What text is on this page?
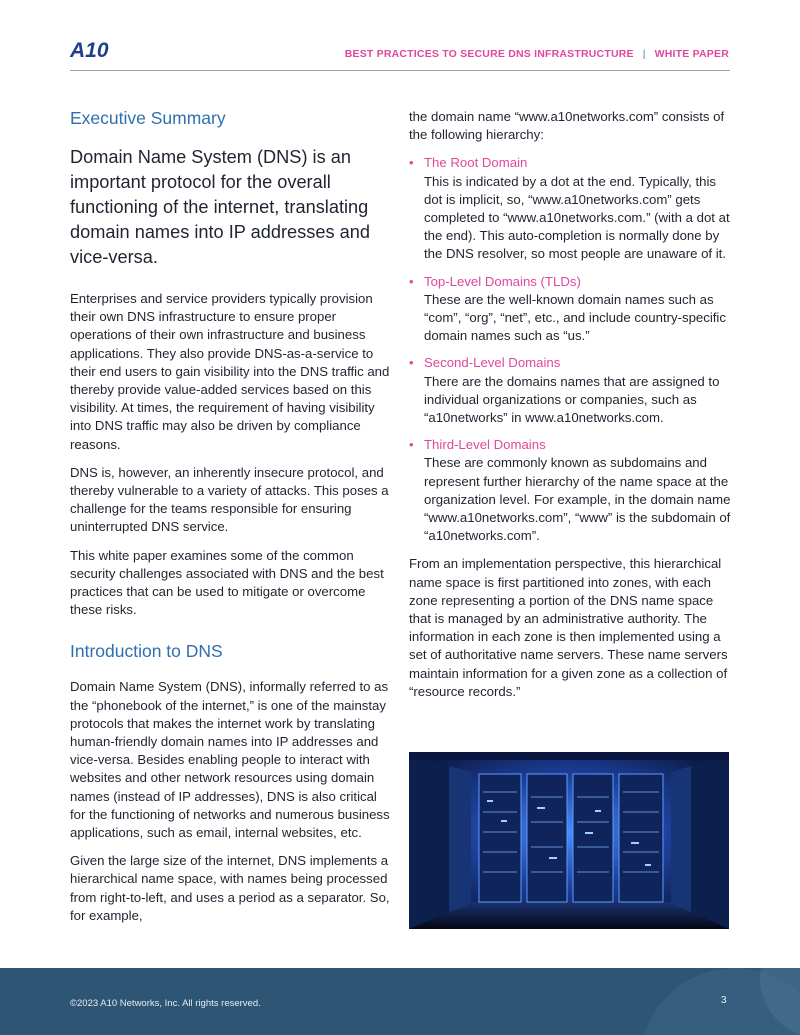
A10	BEST PRACTICES TO SECURE DNS INFRASTRUCTURE | WHITE PAPER
Executive Summary

Domain Name System (DNS) is an important protocol for the overall functioning of the internet, translating domain names into IP addresses and vice-versa.

Enterprises and service providers typically provision their own DNS infrastructure to ensure proper operations of their own infrastructure and business applications. They also provide DNS-as-a-service to their end users to gain visibility into the DNS traffic and thereby provide value-added services based on this visibility. At times, the requirement of having visibility into DNS traffic may also be driven by compliance reasons.

DNS is, however, an inherently insecure protocol, and thereby vulnerable to a variety of attacks. This poses a challenge for the teams responsible for ensuring uninterrupted DNS service.

This white paper examines some of the common security challenges associated with DNS and the best practices that can be used to mitigate or overcome these risks.

Introduction to DNS

Domain Name System (DNS), informally referred to as the “phonebook of the internet,” is one of the mainstay protocols that makes the internet work by translating human-friendly domain names into IP addresses and vice-versa. Besides enabling people to interact with websites and other network resources using domain names (instead of IP addresses), DNS is also critical for the functioning of networks and numerous business applications, such as email, internal websites, etc.

Given the large size of the internet, DNS implements a hierarchical name space, with names being processed from right-to-left, and uses a period as a separator. So, for example,

the domain name “www.a10networks.com” consists of the following hierarchy:

• The Root Domain
This is indicated by a dot at the end. Typically, this dot is implicit, so, “www.a10networks.com” gets completed to “www.a10networks.com.” (with a dot at the end). This auto-completion is normally done by the DNS resolver, so most people are unaware of it.
• Top-Level Domains (TLDs)
These are the well-known domain names such as “com”, “org”, “net”, etc., and include country-specific domain names such as “us.”
• Second-Level Domains
There are the domains names that are assigned to individual organizations or companies, such as “a10networks” in www.a10networks.com.
• Third-Level Domains
These are commonly known as subdomains and represent further hierarchy of the name space at the organization level. For example, in the domain name “www.a10networks.com”, “www” is the subdomain of “a10networks.com”.

From an implementation perspective, this hierarchical name space is first partitioned into zones, with each zone representing a portion of the DNS name space that is managed by an administrative authority. The information in each zone is then implemented using a set of authoritative name servers. These name servers maintain information for a given zone as a collection of “resource records.”

©2023 A10 Networks, Inc. All rights reserved.	3
